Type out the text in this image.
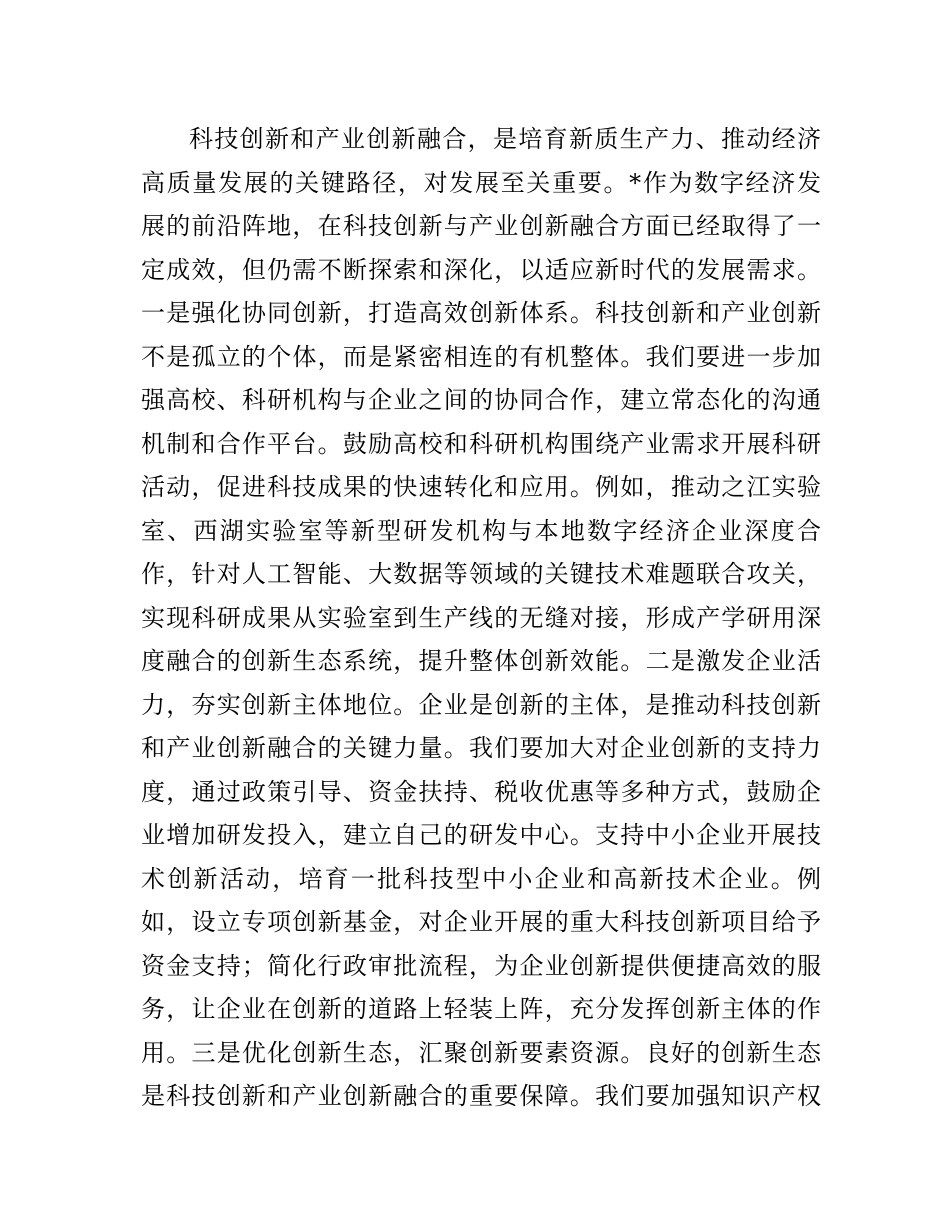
科技创新和产业创新融合，是培育新质生产力、推动经济
高质量发展的关键路径，对发展至关重要。*作为数字经济发
展的前沿阵地，在科技创新与产业创新融合方面已经取得了一
定成效，但仍需不断探索和深化，以适应新时代的发展需求。
一是强化协同创新，打造高效创新体系。科技创新和产业创新
不是孤立的个体，而是紧密相连的有机整体。我们要进一步加
强高校、科研机构与企业之间的协同合作，建立常态化的沟通
机制和合作平台。鼓励高校和科研机构围绕产业需求开展科研
活动，促进科技成果的快速转化和应用。例如，推动之江实验
室、西湖实验室等新型研发机构与本地数字经济企业深度合
作，针对人工智能、大数据等领域的关键技术难题联合攻关，
实现科研成果从实验室到生产线的无缝对接，形成产学研用深
度融合的创新生态系统，提升整体创新效能。二是激发企业活
力，夯实创新主体地位。企业是创新的主体，是推动科技创新
和产业创新融合的关键力量。我们要加大对企业创新的支持力
度，通过政策引导、资金扶持、税收优惠等多种方式，鼓励企
业增加研发投入，建立自己的研发中心。支持中小企业开展技
术创新活动，培育一批科技型中小企业和高新技术企业。例
如，设立专项创新基金，对企业开展的重大科技创新项目给予
资金支持；简化行政审批流程，为企业创新提供便捷高效的服
务，让企业在创新的道路上轻装上阵，充分发挥创新主体的作
用。三是优化创新生态，汇聚创新要素资源。良好的创新生态
是科技创新和产业创新融合的重要保障。我们要加强知识产权
